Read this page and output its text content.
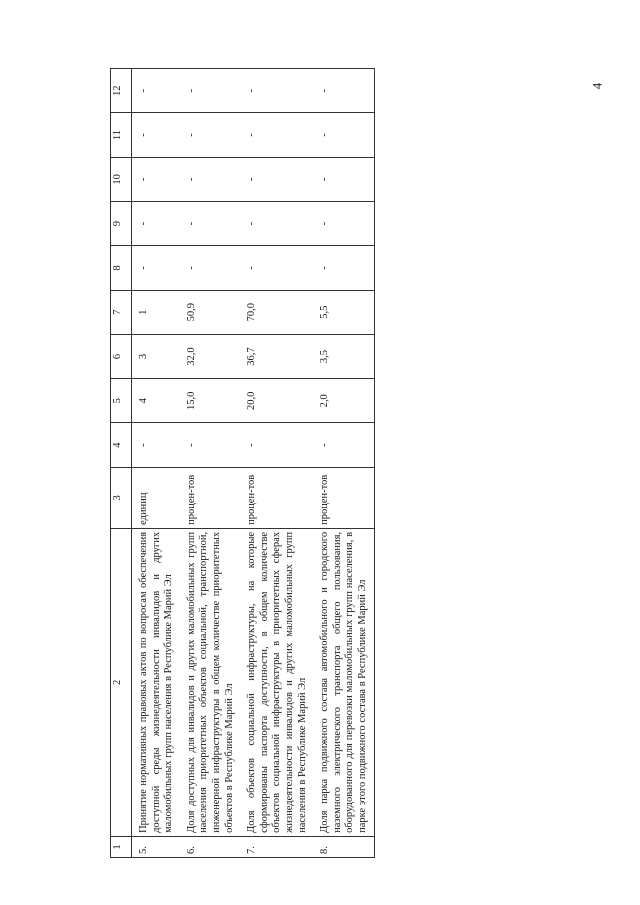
4
1	2	3	4	5	6	7	8	9	10	11	12
5.	Принятие нормативных правовых актов по вопросам обеспечения доступной среды жизнедеятельности инвалидов и других маломобильных групп населения в Республике Марий Эл	единиц	-	4	3	1	-	-	-	-	-
6.	Доля доступных для инвалидов и других маломобильных групп населения приоритетных объектов социальной, транспортной, инженерной инфраструктуры в общем количестве приоритетных объектов в Республике Марий Эл	процен-тов	-	15,0	32,0	50,9	-	-	-	-	-
7.	Доля объектов социальной инфраструктуры, на которые сформированы паспорта доступности, в общем количестве объектов социальной инфраструктуры в приоритетных сферах жизнедеятельности инвалидов и других маломобильных групп населения в Республике Марий Эл	процен-тов	-	20,0	36,7	70,0	-	-	-	-	-
8.	Доля парка подвижного состава автомобильного и городского наземного электрического транспорта общего пользования, оборудованного для перевозки маломобильных групп населения, в парке этого подвижного состава в Республике Марий Эл	процен-тов	-	2,0	3,5	5,5	-	-	-	-	-
